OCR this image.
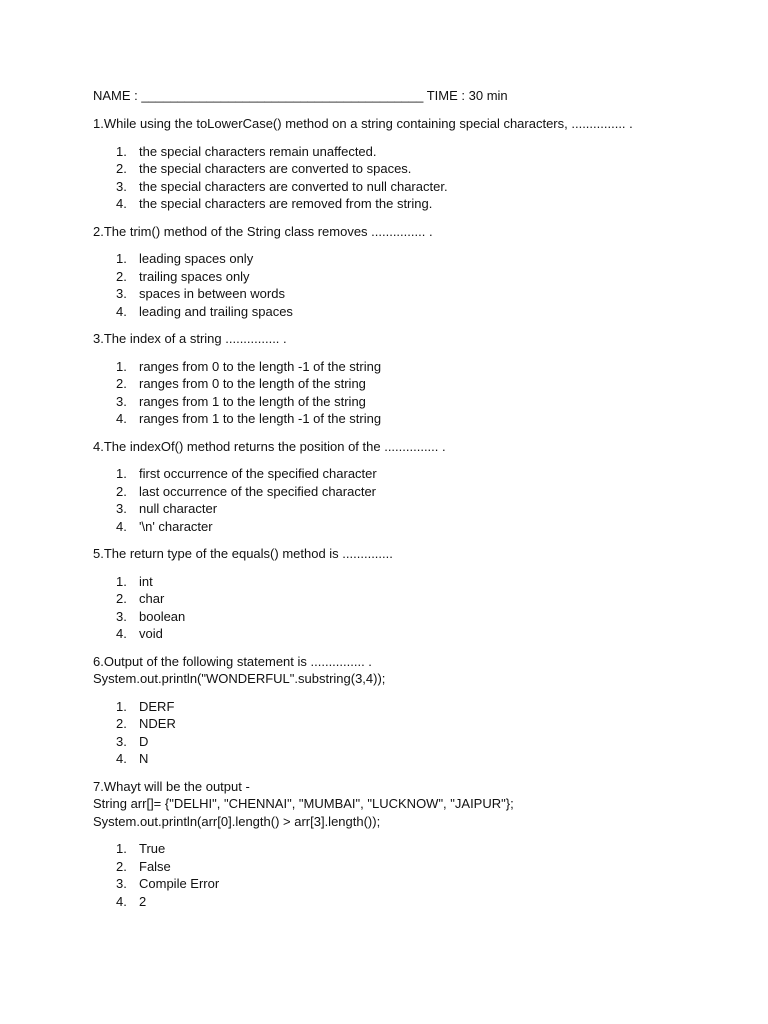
NAME : _______________________________________ TIME : 30 min
1.While using the toLowerCase() method on a string containing special characters, ............... .
1. the special characters remain unaffected.
2. the special characters are converted to spaces.
3. the special characters are converted to null character.
4. the special characters are removed from the string.
2.The trim() method of the String class removes ............... .
1. leading spaces only
2. trailing spaces only
3. spaces in between words
4. leading and trailing spaces
3.The index of a string ............... .
1. ranges from 0 to the length -1 of the string
2. ranges from 0 to the length of the string
3. ranges from 1 to the length of the string
4. ranges from 1 to the length -1 of the string
4.The indexOf() method returns the position of the ............... .
1. first occurrence of the specified character
2. last occurrence of the specified character
3. null character
4. '\n' character
5.The return type of the equals() method is ..............
1. int
2. char
3. boolean
4. void
6.Output of the following statement is ............... .
System.out.println("WONDERFUL".substring(3,4));
1. DERF
2. NDER
3. D
4. N
7.Whayt will be the output -
String arr[]= {"DELHI", "CHENNAI", "MUMBAI", "LUCKNOW", "JAIPUR"};
System.out.println(arr[0].length() > arr[3].length());
1. True
2. False
3. Compile Error
4. 2
